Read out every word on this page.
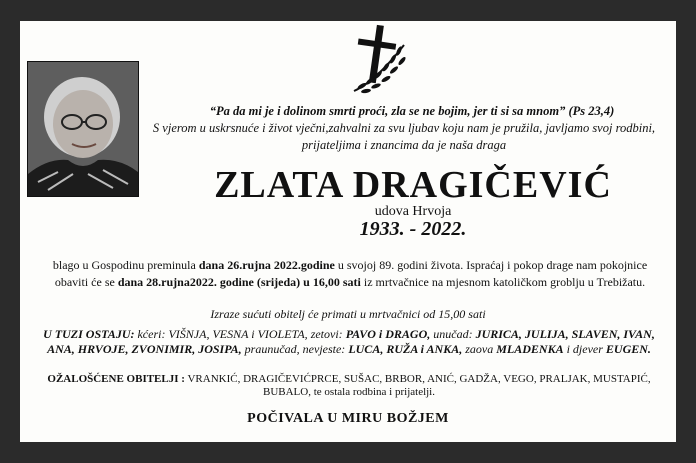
“Pa da mi je i dolinom smrti proći, zla se ne bojim, jer ti si sa mnom” (Ps 23,4)
S vjerom u uskrsnuće i život vječni,zahvalni za svu ljubav koju nam je pružila, javljamo svoj rodbini, prijateljima i znancima da je naša draga
ZLATA DRAGIČEVIĆ
udova Hrvoja
1933. - 2022.
blago u Gospodinu preminula dana 26.rujna 2022.godine u svojoj 89. godini života. Ispraćaj i pokop drage nam pokojnice obaviti će se dana 28.rujna2022. godine (srijeda) u 16,00 sati iz mrtvačnice na mjesnom katoličkom groblju u Trebižatu.
Izraze sućuti obitelj će primati u mrtvačnici od 15,00 sati
U TUZI OSTAJU: kćeri: VIŠNJA, VESNA i VIOLETA, zetovi: PAVO i DRAGO, unučad: JURICA, JULIJA, SLAVEN, IVAN, ANA, HRVOJE, ZVONIMIR, JOSIPA, praunučad, nevjeste: LUCA, RUŽA i ANKA, zaova MLADENKA i djever EUGEN.
OŽALOŠĆENE OBITELJI : VRANKIĆ, DRAGIČEVIĆPRCE, SUŠAC, BRBOR, ANIĆ, GADŽA, VEGO, PRALJAK, MUSTAPIĆ, BUBALO, te ostala rodbina i prijatelji.
POČIVALA U MIRU BOŽJEM
